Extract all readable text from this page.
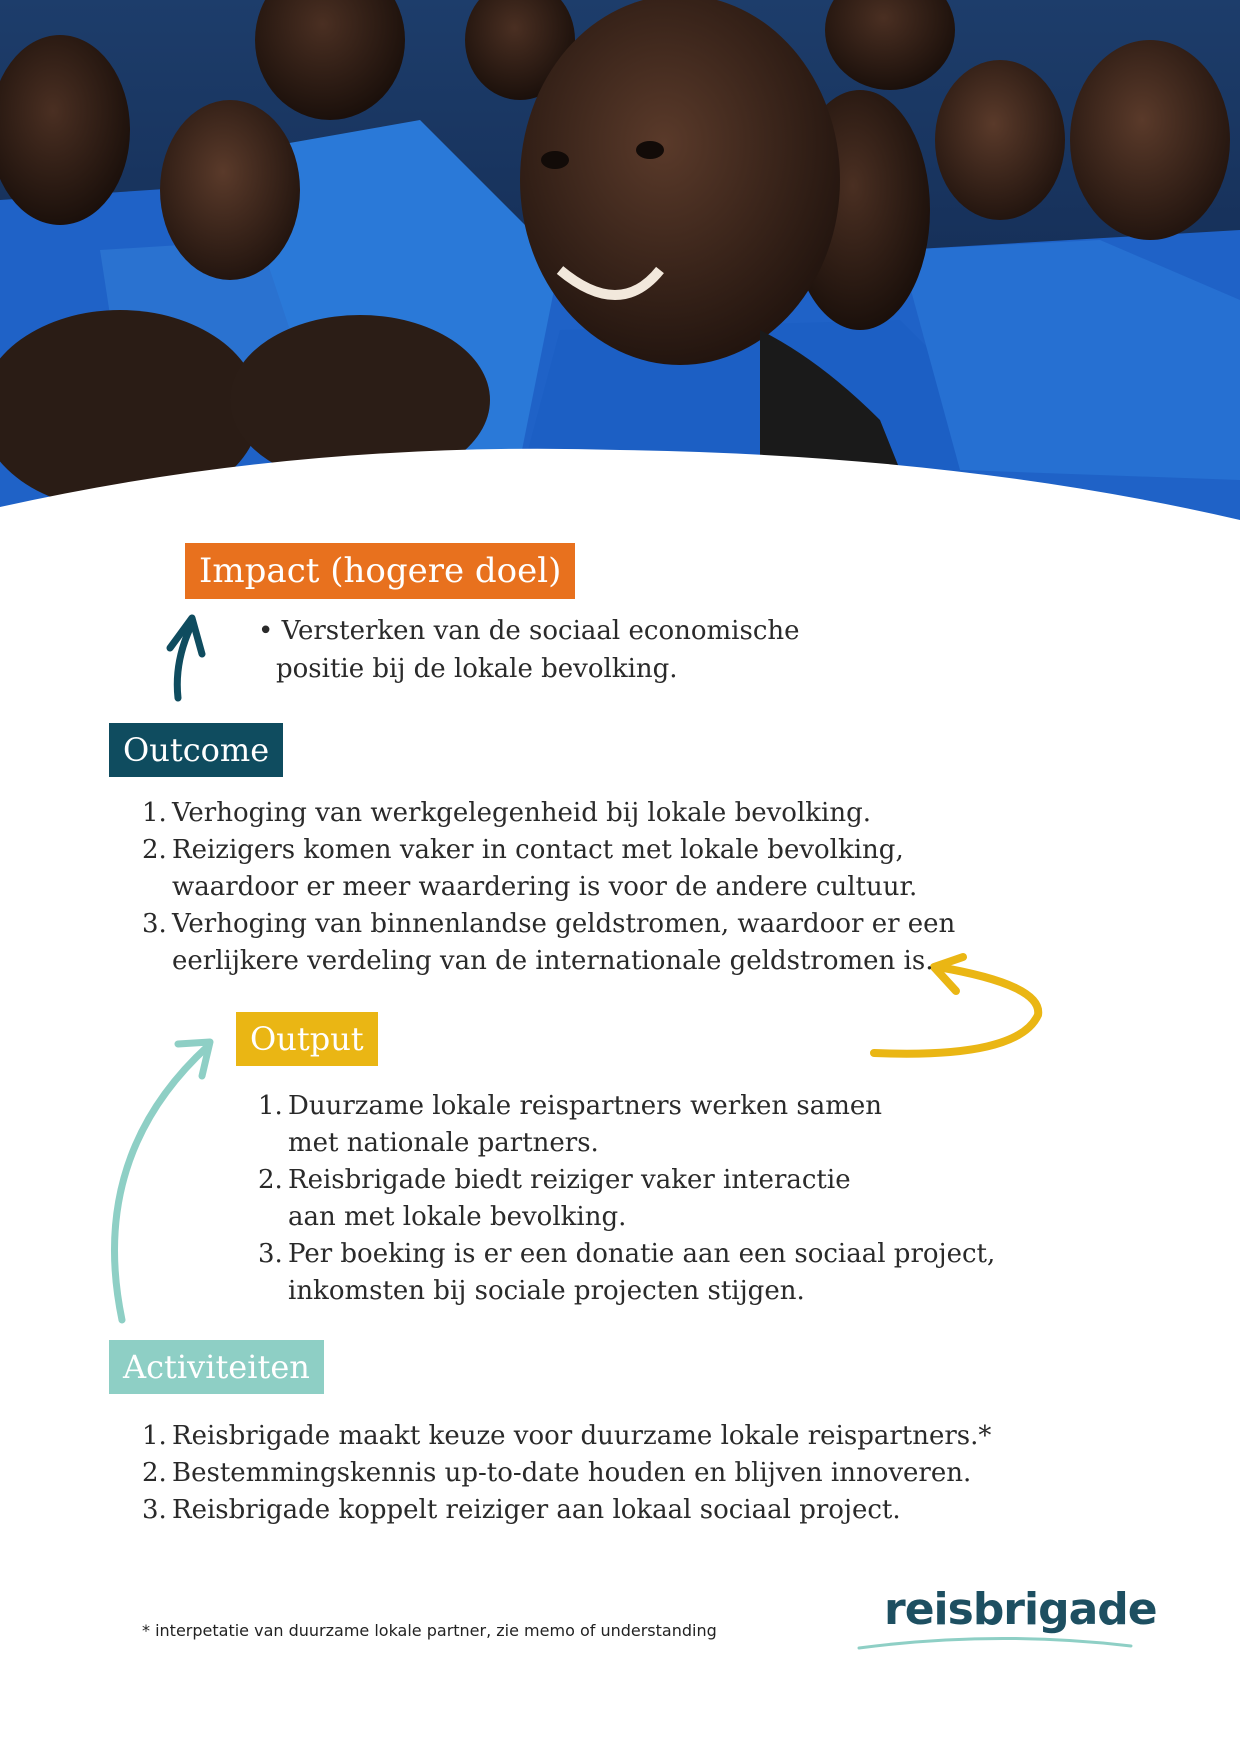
Impact (hogere doel)
• Versterken van de sociaal economische
positie bij de lokale bevolking.
Outcome
1. Verhoging van werkgelegenheid bij lokale bevolking.
2. Reizigers komen vaker in contact met lokale bevolking,
waardoor er meer waardering is voor de andere cultuur.
3. Verhoging van binnenlandse geldstromen, waardoor er een
eerlijkere verdeling van de internationale geldstromen is.
Output
1. Duurzame lokale reispartners werken samen
met nationale partners.
2. Reisbrigade biedt reiziger vaker interactie
aan met lokale bevolking.
3. Per boeking is er een donatie aan een sociaal project,
inkomsten bij sociale projecten stijgen.
Activiteiten
1. Reisbrigade maakt keuze voor duurzame lokale reispartners.*
2. Bestemmingskennis up-to-date houden en blijven innoveren.
3. Reisbrigade koppelt reiziger aan lokaal sociaal project.
* interpetatie van duurzame lokale partner, zie memo of understanding	reisbrigade
